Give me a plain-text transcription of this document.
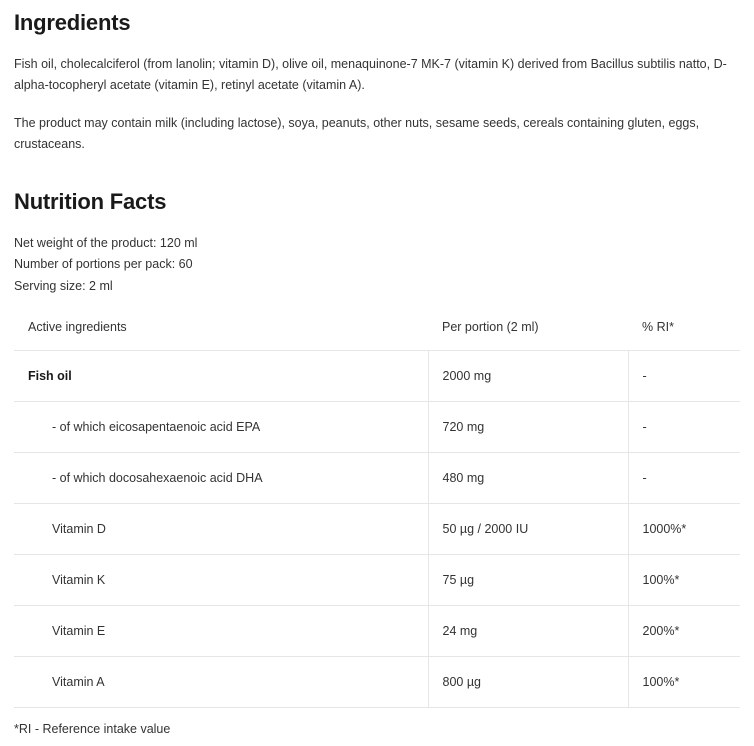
Ingredients

Fish oil, cholecalciferol (from lanolin; vitamin D), olive oil, menaquinone-7 MK-7 (vitamin K) derived from Bacillus subtilis natto, D-alpha-tocopheryl acetate (vitamin E), retinyl acetate (vitamin A).

The product may contain milk (including lactose), soya, peanuts, other nuts, sesame seeds, cereals containing gluten, eggs, crustaceans.

Nutrition Facts
Net weight of the product: 120 ml
Number of portions per pack: 60
Serving size: 2 ml
Active ingredients	Per portion (2 ml)	% RI*
Fish oil	2000 mg	-
- of which eicosapentaenoic acid EPA	720 mg	-
- of which docosahexaenoic acid DHA	480 mg	-
Vitamin D	50 µg / 2000 IU	1000%*
Vitamin K	75 µg	100%*
Vitamin E	24 mg	200%*
Vitamin A	800 µg	100%*
*RI - Reference intake value
